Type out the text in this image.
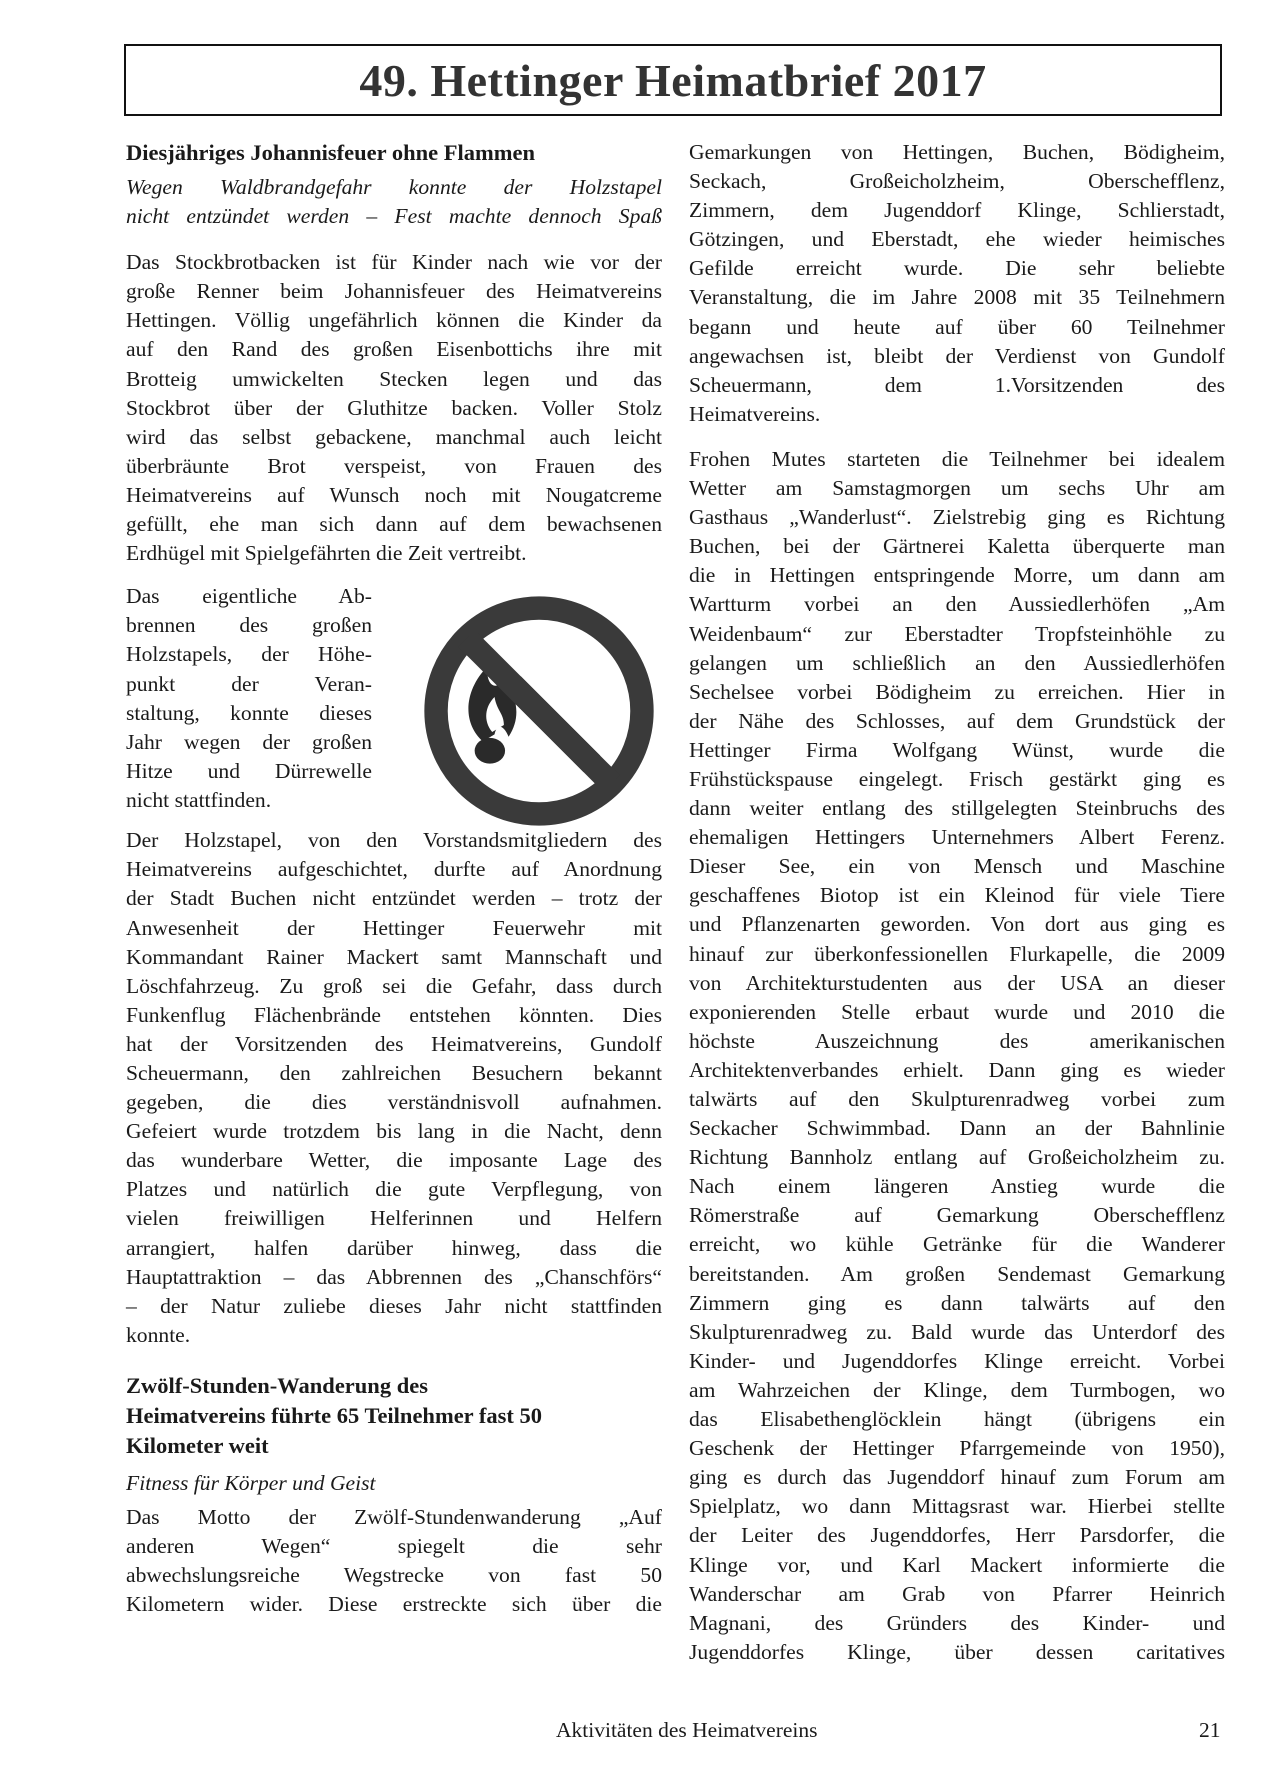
49. Hettinger Heimatbrief 2017
Diesjähriges Johannisfeuer ohne Flammen
Wegen Waldbrandgefahr konnte der Holzstapel
nicht entzündet werden – Fest machte dennoch Spaß
Das Stockbrotbacken ist für Kinder nach wie vor der
große Renner beim Johannisfeuer des Heimatvereins
Hettingen. Völlig ungefährlich können die Kinder da
auf den Rand des großen Eisenbottichs ihre mit
Brotteig umwickelten Stecken legen und das
Stockbrot über der Gluthitze backen. Voller Stolz
wird das selbst gebackene, manchmal auch leicht
überbräunte Brot verspeist, von Frauen des
Heimatvereins auf Wunsch noch mit Nougatcreme
gefüllt, ehe man sich dann auf dem bewachsenen
Erdhügel mit Spielgefährten die Zeit vertreibt.
Das eigentliche Ab-
brennen des großen
Holzstapels, der Höhe-
punkt der Veran-
staltung, konnte dieses
Jahr wegen der großen
Hitze und Dürrewelle
nicht stattfinden.
Der Holzstapel, von den Vorstandsmitgliedern des
Heimatvereins aufgeschichtet, durfte auf Anordnung
der Stadt Buchen nicht entzündet werden – trotz der
Anwesenheit der Hettinger Feuerwehr mit
Kommandant Rainer Mackert samt Mannschaft und
Löschfahrzeug. Zu groß sei die Gefahr, dass durch
Funkenflug Flächenbrände entstehen könnten. Dies
hat der Vorsitzenden des Heimatvereins, Gundolf
Scheuermann, den zahlreichen Besuchern bekannt
gegeben, die dies verständnisvoll aufnahmen.
Gefeiert wurde trotzdem bis lang in die Nacht, denn
das wunderbare Wetter, die imposante Lage des
Platzes und natürlich die gute Verpflegung, von
vielen freiwilligen Helferinnen und Helfern
arrangiert, halfen darüber hinweg, dass die
Hauptattraktion – das Abbrennen des „Chanschförs“
– der Natur zuliebe dieses Jahr nicht stattfinden
konnte.
Zwölf-Stunden-Wanderung des
Heimatvereins führte 65 Teilnehmer fast 50
Kilometer weit

Fitness für Körper und Geist

Das Motto der Zwölf-Stundenwanderung „Auf
anderen Wegen“ spiegelt die sehr
abwechslungsreiche Wegstrecke von fast 50
Kilometern wider. Diese erstreckte sich über die
Gemarkungen von Hettingen, Buchen, Bödigheim,
Seckach, Großeicholzheim, Oberschefflenz,
Zimmern, dem Jugenddorf Klinge, Schlierstadt,
Götzingen, und Eberstadt, ehe wieder heimisches
Gefilde erreicht wurde. Die sehr beliebte
Veranstaltung, die im Jahre 2008 mit 35 Teilnehmern
begann und heute auf über 60 Teilnehmer
angewachsen ist, bleibt der Verdienst von Gundolf
Scheuermann, dem 1.Vorsitzenden des
Heimatvereins.
Frohen Mutes starteten die Teilnehmer bei idealem
Wetter am Samstagmorgen um sechs Uhr am
Gasthaus „Wanderlust“. Zielstrebig ging es Richtung
Buchen, bei der Gärtnerei Kaletta überquerte man
die in Hettingen entspringende Morre, um dann am
Wartturm vorbei an den Aussiedlerhöfen „Am
Weidenbaum“ zur Eberstadter Tropfsteinhöhle zu
gelangen um schließlich an den Aussiedlerhöfen
Sechelsee vorbei Bödigheim zu erreichen. Hier in
der Nähe des Schlosses, auf dem Grundstück der
Hettinger Firma Wolfgang Wünst, wurde die
Frühstückspause eingelegt. Frisch gestärkt ging es
dann weiter entlang des stillgelegten Steinbruchs des
ehemaligen Hettingers Unternehmers Albert Ferenz.
Dieser See, ein von Mensch und Maschine
geschaffenes Biotop ist ein Kleinod für viele Tiere
und Pflanzenarten geworden. Von dort aus ging es
hinauf zur überkonfessionellen Flurkapelle, die 2009
von Architekturstudenten aus der USA an dieser
exponierenden Stelle erbaut wurde und 2010 die
höchste Auszeichnung des amerikanischen
Architektenverbandes erhielt. Dann ging es wieder
talwärts auf den Skulpturenradweg vorbei zum
Seckacher Schwimmbad. Dann an der Bahnlinie
Richtung Bannholz entlang auf Großeicholzheim zu.
Nach einem längeren Anstieg wurde die
Römerstraße auf Gemarkung Oberschefflenz
erreicht, wo kühle Getränke für die Wanderer
bereitstanden. Am großen Sendemast Gemarkung
Zimmern ging es dann talwärts auf den
Skulpturenradweg zu. Bald wurde das Unterdorf des
Kinder- und Jugenddorfes Klinge erreicht. Vorbei
am Wahrzeichen der Klinge, dem Turmbogen, wo
das Elisabethenglöcklein hängt (übrigens ein
Geschenk der Hettinger Pfarrgemeinde von 1950),
ging es durch das Jugenddorf hinauf zum Forum am
Spielplatz, wo dann Mittagsrast war. Hierbei stellte
der Leiter des Jugenddorfes, Herr Parsdorfer, die
Klinge vor, und Karl Mackert informierte die
Wanderschar am Grab von Pfarrer Heinrich
Magnani, des Gründers des Kinder- und
Jugenddorfes Klinge, über dessen caritatives
Aktivitäten des Heimatvereins	21
